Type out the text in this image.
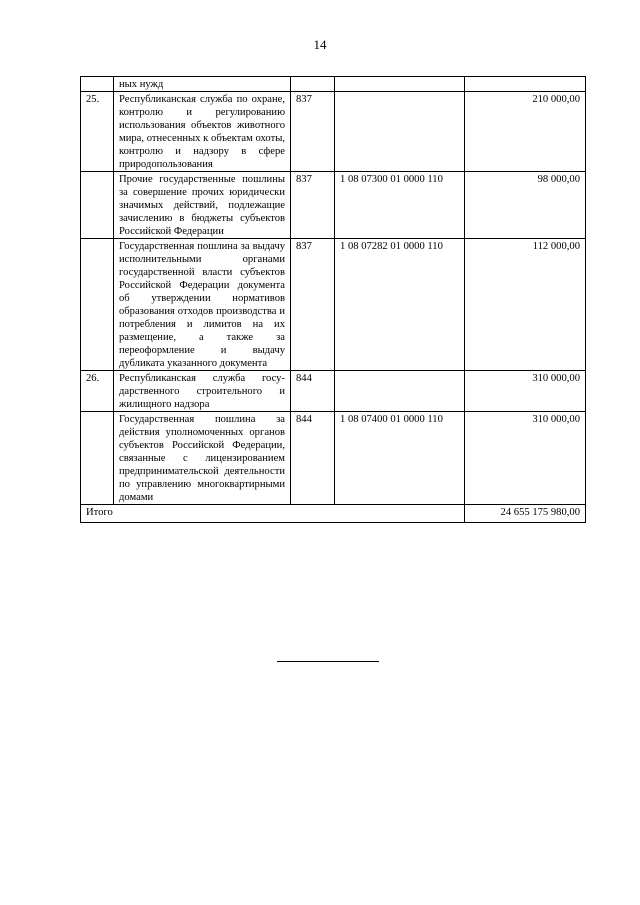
14
	ных нужд			
25.	Республиканская служба по охране, контролю и регулированию использования объектов животного мира, отнесенных к объектам охоты, контролю и надзору в сфере природопользования	837		210 000,00
	Прочие государственные пошлины за совершение прочих юридически значимых действий, подлежащие зачислению в бюджеты субъектов Российской Федерации	837	1 08 07300 01 0000 110	98 000,00
	Государственная пошлина за выдачу исполнительными органами государственной власти субъектов Российской Федерации документа об утверждении нормативов образования отходов производства и потребления и лимитов на их размещение, а также за переоформление и выдачу дубликата указанного документа	837	1 08 07282 01 0000 110	112 000,00
26.	Республиканская служба государственного строительного и жилищного надзора	844		310 000,00
	Государственная пошлина за действия уполномоченных органов субъектов Российской Федерации, связанные с лицензированием предпринимательской деятельности по управлению многоквартирными домами	844	1 08 07400 01 0000 110	310 000,00
Итого				24 655 175 980,00
